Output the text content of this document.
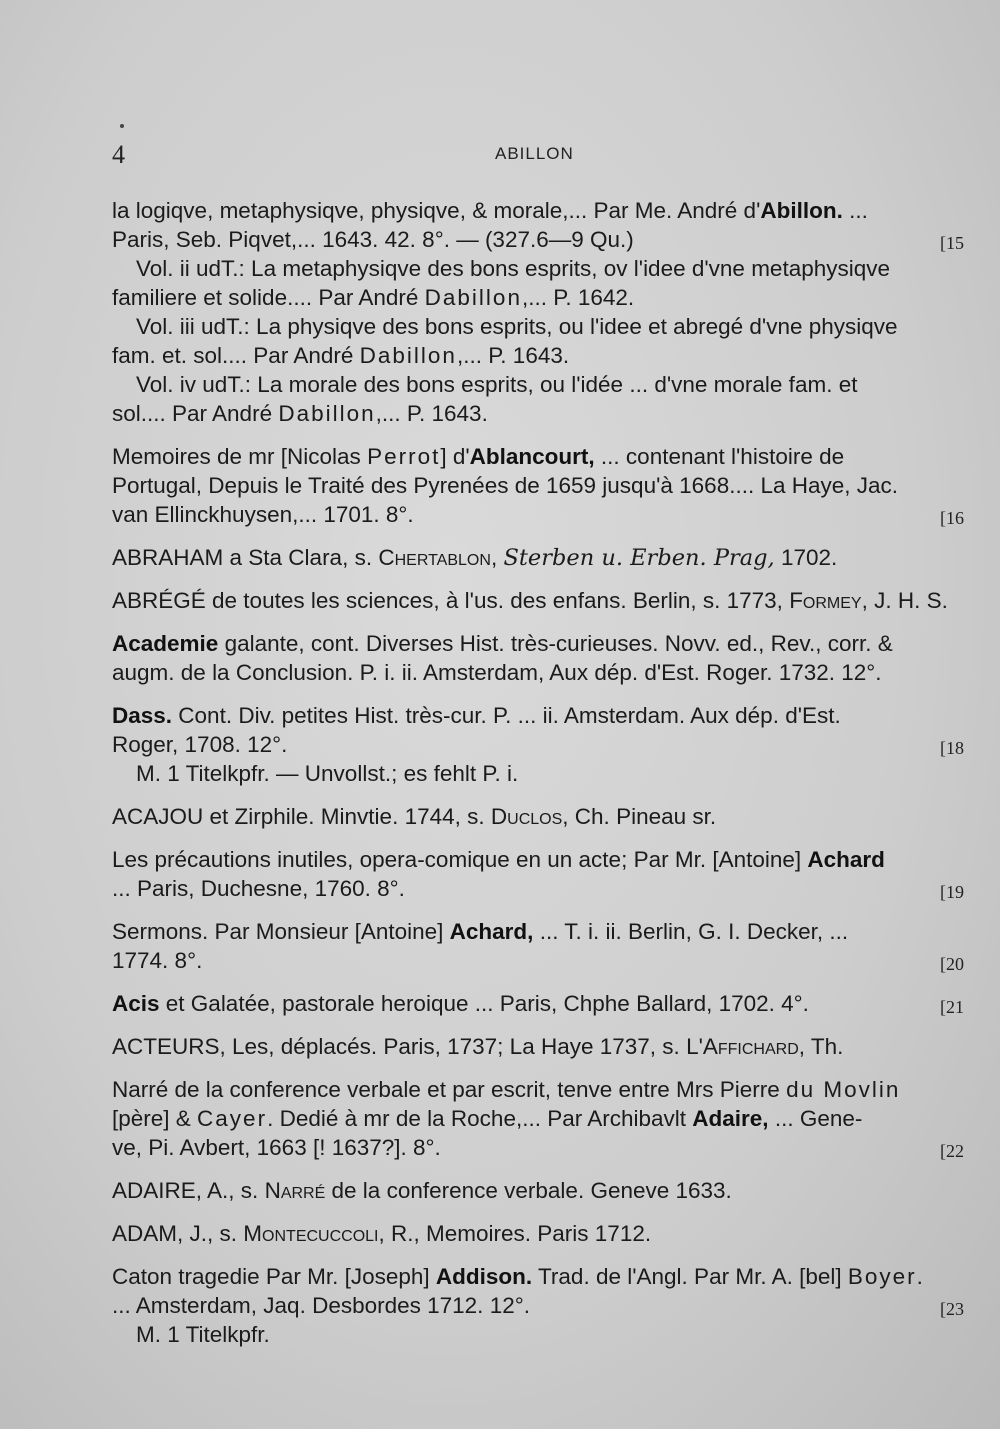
4	ABILLON
la logiqve, metaphysiqve, physiqve, & morale,... Par Me. André d'Abillon. ...
Paris, Seb. Piqvet,... 1643. 42. 8°. — (327.6—9 Qu.)	[15
Vol. ii udT.: La metaphysiqve des bons esprits, ov l'idee d'vne metaphysiqve
familiere et solide.... Par André Dabillon,... P. 1642.
Vol. iii udT.: La physiqve des bons esprits, ou l'idee et abregé d'vne physiqve
fam. et. sol.... Par André Dabillon,... P. 1643.
Vol. iv udT.: La morale des bons esprits, ou l'idée ... d'vne morale fam. et
sol.... Par André Dabillon,... P. 1643.
Memoires de mr [Nicolas Perrot] d'Ablancourt, ... contenant l'histoire de
Portugal, Depuis le Traité des Pyrenées de 1659 jusqu'à 1668.... La Haye, Jac.
van Ellinckhuysen,... 1701. 8°.	[16
ABRAHAM a Sta Clara, s. Chertablon, Sterben u. Erben. Prag, 1702.
ABRÉGÉ de toutes les sciences, à l'us. des enfans. Berlin, s. 1773, Formey, J. H. S.
Academie galante, cont. Diverses Hist. très-curieuses. Novv. ed., Rev., corr. &
augm. de la Conclusion. P. i. ii. Amsterdam, Aux dép. d'Est. Roger. 1732. 12°.
Dass. Cont. Div. petites Hist. très-cur. P. ... ii. Amsterdam. Aux dép. d'Est.
Roger, 1708. 12°.	[18
M. 1 Titelkpfr. — Unvollst.; es fehlt P. i.
ACAJOU et Zirphile. Minvtie. 1744, s. Duclos, Ch. Pineau sr.
Les précautions inutiles, opera-comique en un acte; Par Mr. [Antoine] Achard
... Paris, Duchesne, 1760. 8°.	[19
Sermons. Par Monsieur [Antoine] Achard, ... T. i. ii. Berlin, G. I. Decker, ...
1774. 8°.	[20
Acis et Galatée, pastorale heroique ... Paris, Chphe Ballard, 1702. 4°.	[21
ACTEURS, Les, déplacés. Paris, 1737; La Haye 1737, s. L'Affichard, Th.
Narré de la conference verbale et par escrit, tenve entre Mrs Pierre du Movlin
[père] & Cayer. Dedié à mr de la Roche,... Par Archibavlt Adaire, ... Gene-
ve, Pi. Avbert, 1663 [! 1637?]. 8°.	[22
ADAIRE, A., s. Narré de la conference verbale. Geneve 1633.
ADAM, J., s. Montecuccoli, R., Memoires. Paris 1712.
Caton tragedie Par Mr. [Joseph] Addison. Trad. de l'Angl. Par Mr. A. [bel] Boyer.
... Amsterdam, Jaq. Desbordes 1712. 12°.	[23
M. 1 Titelkpfr.
